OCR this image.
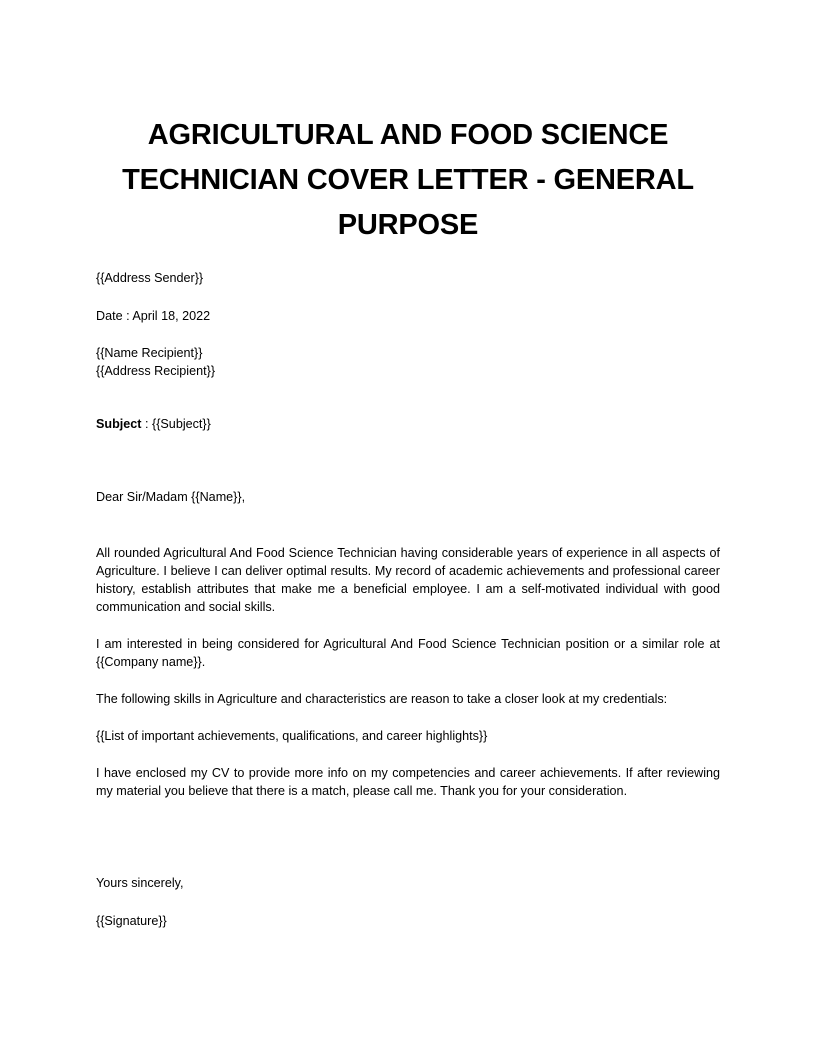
AGRICULTURAL AND FOOD SCIENCE TECHNICIAN COVER LETTER - GENERAL PURPOSE
{{Address Sender}}
Date : April 18, 2022
{{Name Recipient}}
{{Address Recipient}}
Subject : {{Subject}}
Dear Sir/Madam {{Name}},
All rounded Agricultural And Food Science Technician having considerable years of experience in all aspects of Agriculture. I believe I can deliver optimal results. My record of academic achievements and professional career history, establish attributes that make me a beneficial employee. I am a self-motivated individual with good communication and social skills.
I am interested in being considered for Agricultural And Food Science Technician position or a similar role at {{Company name}}.
The following skills in Agriculture and characteristics are reason to take a closer look at my credentials:
{{List of important achievements, qualifications, and career highlights}}
I have enclosed my CV to provide more info on my competencies and career achievements. If after reviewing my material you believe that there is a match, please call me. Thank you for your consideration.
Yours sincerely,
{{Signature}}
